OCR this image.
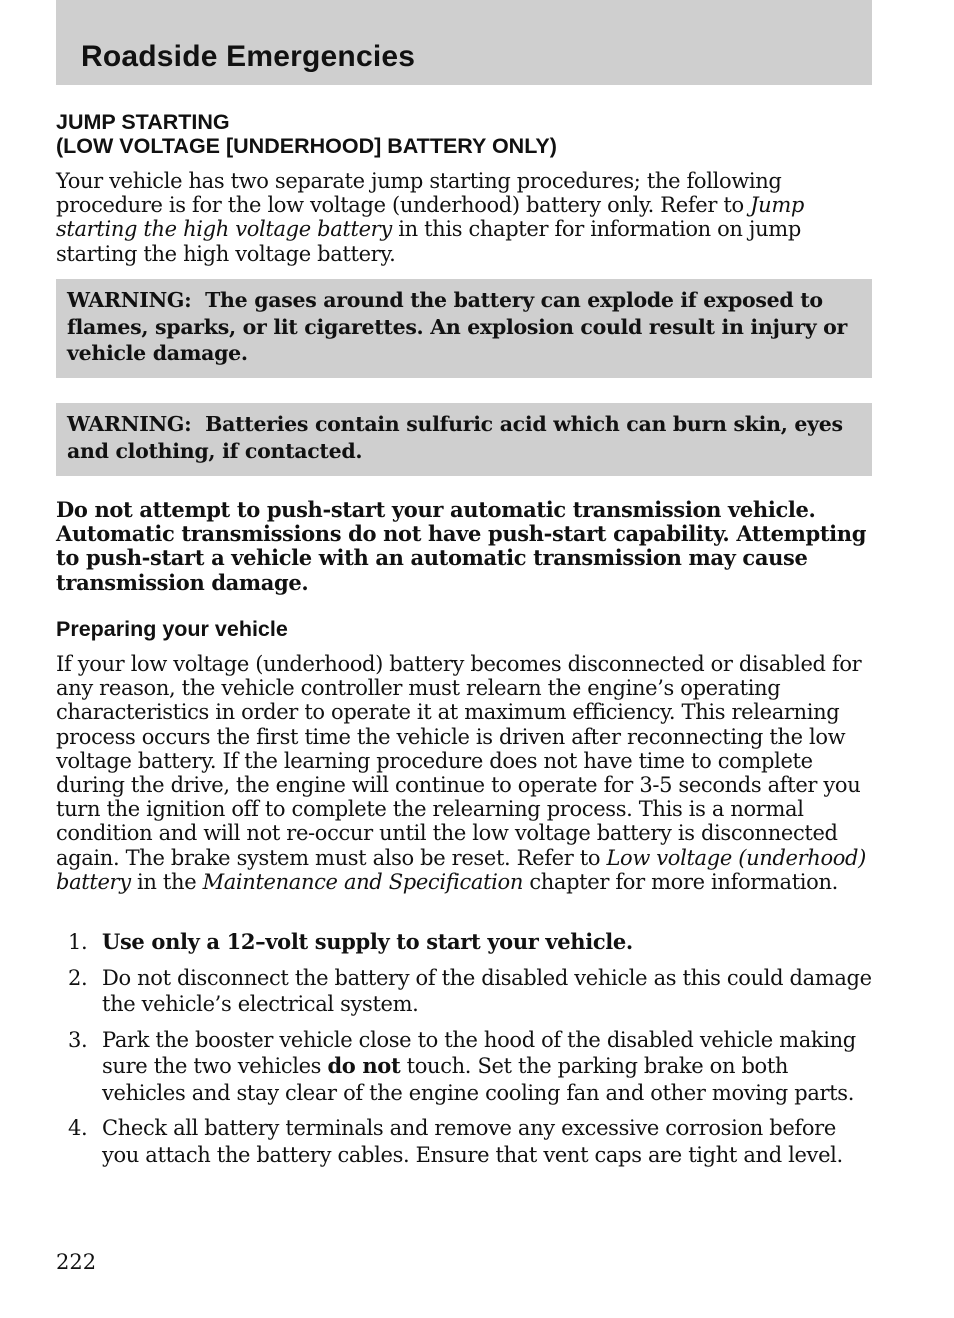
Roadside Emergencies
JUMP STARTING
(LOW VOLTAGE [UNDERHOOD] BATTERY ONLY)

Your vehicle has two separate jump starting procedures; the following procedure is for the low voltage (underhood) battery only. Refer to Jump starting the high voltage battery in this chapter for information on jump starting the high voltage battery.

WARNING: The gases around the battery can explode if exposed to flames, sparks, or lit cigarettes. An explosion could result in injury or vehicle damage.
WARNING: Batteries contain sulfuric acid which can burn skin, eyes and clothing, if contacted.

Do not attempt to push-start your automatic transmission vehicle. Automatic transmissions do not have push-start capability. Attempting to push-start a vehicle with an automatic transmission may cause transmission damage.

Preparing your vehicle

If your low voltage (underhood) battery becomes disconnected or disabled for any reason, the vehicle controller must relearn the engine’s operating characteristics in order to operate it at maximum efficiency. This relearning process occurs the first time the vehicle is driven after reconnecting the low voltage battery. If the learning procedure does not have time to complete during the drive, the engine will continue to operate for 3-5 seconds after you turn the ignition off to complete the relearning process. This is a normal condition and will not re-occur until the low voltage battery is disconnected again. The brake system must also be reset. Refer to Low voltage (underhood) battery in the Maintenance and Specification chapter for more information.

1. Use only a 12–volt supply to start your vehicle.
2. Do not disconnect the battery of the disabled vehicle as this could damage the vehicle’s electrical system.
3. Park the booster vehicle close to the hood of the disabled vehicle making sure the two vehicles do not touch. Set the parking brake on both vehicles and stay clear of the engine cooling fan and other moving parts.
4. Check all battery terminals and remove any excessive corrosion before you attach the battery cables. Ensure that vent caps are tight and level.
222
